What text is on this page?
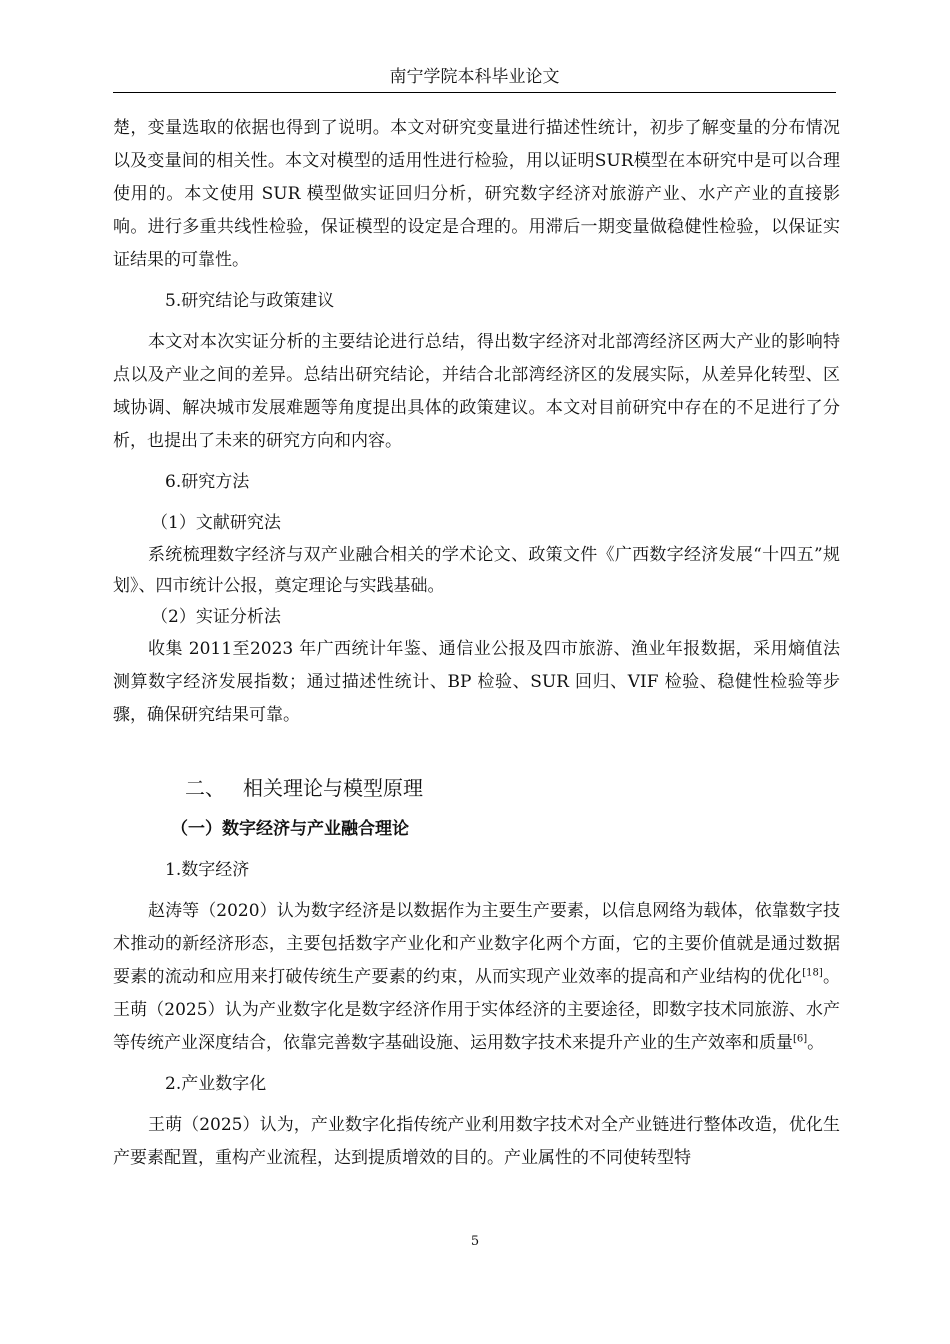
南宁学院本科毕业论文

楚，变量选取的依据也得到了说明。本文对研究变量进行描述性统计，初步了解变量的分布情况以及变量间的相关性。本文对模型的适用性进行检验，用以证明SUR模型在本研究中是可以合理使用的。本文使用 SUR 模型做实证回归分析，研究数字经济对旅游产业、水产产业的直接影响。进行多重共线性检验，保证模型的设定是合理的。用滞后一期变量做稳健性检验，以保证实证结果的可靠性。

5.研究结论与政策建议

本文对本次实证分析的主要结论进行总结，得出数字经济对北部湾经济区两大产业的影响特点以及产业之间的差异。总结出研究结论，并结合北部湾经济区的发展实际，从差异化转型、区域协调、解决城市发展难题等角度提出具体的政策建议。本文对目前研究中存在的不足进行了分析，也提出了未来的研究方向和内容。

6.研究方法

（1）文献研究法

系统梳理数字经济与双产业融合相关的学术论文、政策文件《广西数字经济发展“十四五”规划》、四市统计公报，奠定理论与实践基础。

（2）实证分析法

收集 2011至2023 年广西统计年鉴、通信业公报及四市旅游、渔业年报数据，采用熵值法测算数字经济发展指数；通过描述性统计、BP 检验、SUR 回归、VIF 检验、稳健性检验等步骤，确保研究结果可靠。

二、 相关理论与模型原理

（一）数字经济与产业融合理论

1.数字经济

赵涛等（2020）认为数字经济是以数据作为主要生产要素，以信息网络为载体，依靠数字技术推动的新经济形态，主要包括数字产业化和产业数字化两个方面，它的主要价值就是通过数据要素的流动和应用来打破传统生产要素的约束，从而实现产业效率的提高和产业结构的优化[18]。王萌（2025）认为产业数字化是数字经济作用于实体经济的主要途径，即数字技术同旅游、水产等传统产业深度结合，依靠完善数字基础设施、运用数字技术来提升产业的生产效率和质量[6]。

2.产业数字化

王萌（2025）认为，产业数字化指传统产业利用数字技术对全产业链进行整体改造，优化生产要素配置，重构产业流程，达到提质增效的目的。产业属性的不同使转型特

5
